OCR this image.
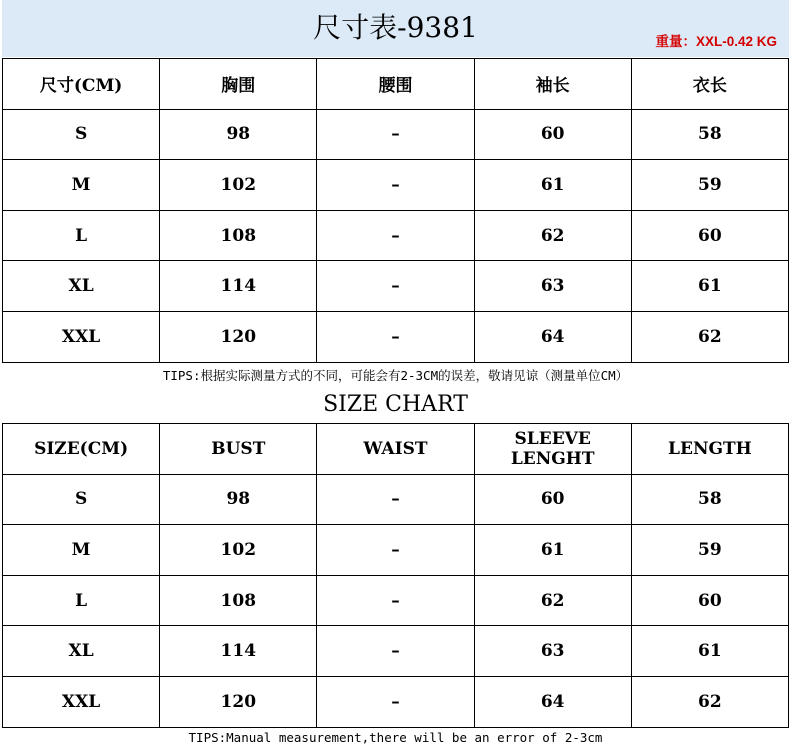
尺寸表-9381	重量：XXL-0.42 KG
尺寸(CM)	胸围	腰围	袖长	衣长
S	98	–	60	58
M	102	–	61	59
L	108	–	62	60
XL	114	–	63	61
XXL	120	–	64	62
TIPS:根据实际测量方式的不同，可能会有2-3CM的误差，敬请见谅（测量单位CM）
SIZE CHART
SIZE(CM)	BUST	WAIST	SLEEVE LENGHT	LENGTH
S	98	–	60	58
M	102	–	61	59
L	108	–	62	60
XL	114	–	63	61
XXL	120	–	64	62
TIPS:Manual measurement,there will be an error of 2-3cm
